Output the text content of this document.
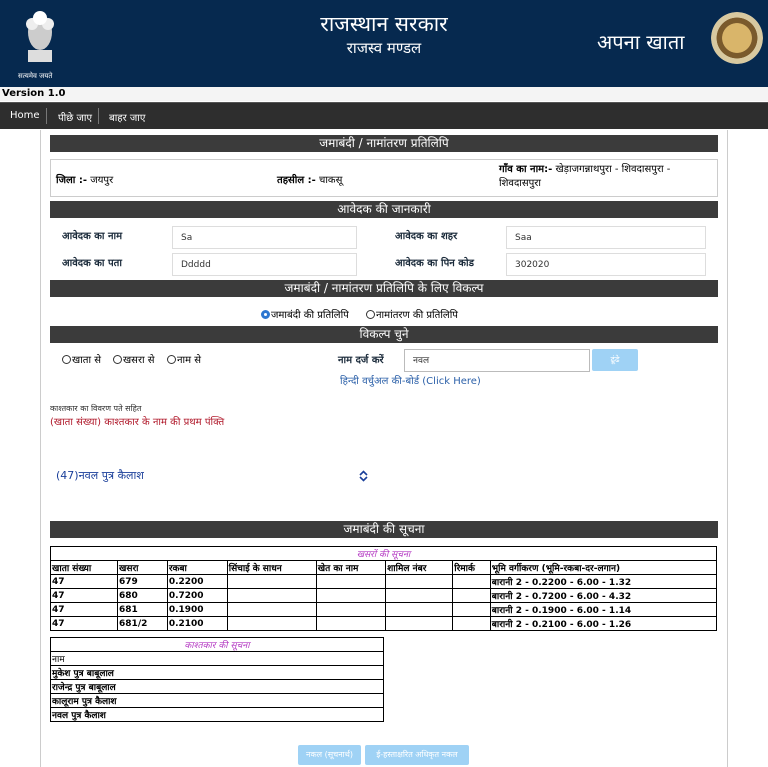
सत्यमेव जयते
राजस्थान सरकार
राजस्व मण्डल	अपना खाता
Version 1.0
Home पीछे जाए बाहर जाए
जमाबंदी / नामांतरण प्रतिलिपि
जिला :- जयपुर	तहसील :- चाकसू
गाँव का नाम:- खेड़ाजगन्नाथपुरा - शिवदासपुरा - शिवदासपुरा
आवेदक की जानकारी
आवेदक का नाम	Sa	आवेदक का शहर	Saa
आवेदक का पता	Ddddd	आवेदक का पिन कोड	302020
जमाबंदी / नामांतरण प्रतिलिपि के लिए विकल्प
जमाबंदी की प्रतिलिपि	नामांतरण की प्रतिलिपि
विकल्प चुने
खाता से	खसरा से	नाम से	नाम दर्ज करें	नवल	ढूंढे
हिन्दी वर्चुअल की-बोर्ड (Click Here)
काश्तकार का विवरण पते सहित
(खाता संख्या) काश्तकार के नाम की प्रथम पंक्ति
(47)नवल पुत्र कैलाश
जमाबंदी की सूचना
खसरों की सूचना							
खाता संख्या	खसरा	रकबा	सिंचाई के साधन	खेत का नाम	शामिल नंबर	रिमार्क	भूमि वर्गीकरण (भूमि-रकबा-दर-लगान)
47	679	0.2200					बारानी 2 - 0.2200 - 6.00 - 1.32
47	680	0.7200					बारानी 2 - 0.7200 - 6.00 - 4.32
47	681	0.1900					बारानी 2 - 0.1900 - 6.00 - 1.14
47	681/2	0.2100					बारानी 2 - 0.2100 - 6.00 - 1.26
काश्तकार की सूचना
नाम
मुकेश पुत्र बाबूलाल
राजेन्द्र पुत्र बाबूलाल
कालूराम पुत्र कैलाश
नवल पुत्र कैलाश
नकल (सूचनार्थ)	ई-हस्ताक्षरित अधिकृत नकल
